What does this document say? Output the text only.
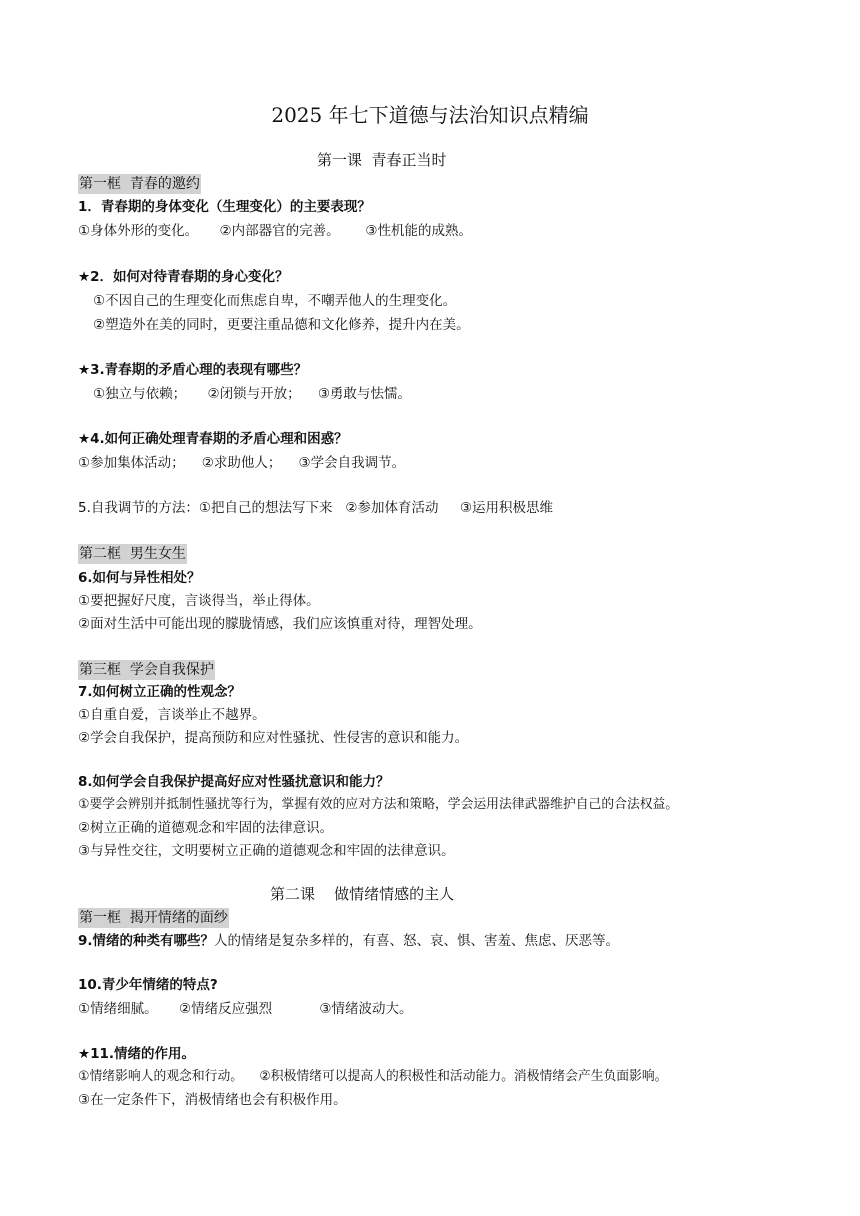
2025 年七下道德与法治知识点精编
第一课  青春正当时
第一框  青春的邀约
1．青春期的身体变化（生理变化）的主要表现？
①身体外形的变化。     ②内部器官的完善。      ③性机能的成熟。
★2．如何对待青春期的身心变化？
①不因自己的生理变化而焦虑自卑，不嘲弄他人的生理变化。
②塑造外在美的同时，更要注重品德和文化修养，提升内在美。
★3.青春期的矛盾心理的表现有哪些？
①独立与依赖；     ②闭锁与开放；    ③勇敢与怯懦。
★4.如何正确处理青春期的矛盾心理和困惑？
①参加集体活动；    ②求助他人；    ③学会自我调节。
5.自我调节的方法：①把自己的想法写下来   ②参加体育活动     ③运用积极思维
第二框  男生女生
6.如何与异性相处？
①要把握好尺度，言谈得当，举止得体。
②面对生活中可能出现的朦胧情感，我们应该慎重对待，理智处理。
第三框  学会自我保护
7.如何树立正确的性观念？
①自重自爱，言谈举止不越界。
②学会自我保护，提高预防和应对性骚扰、性侵害的意识和能力。
8.如何学会自我保护提高好应对性骚扰意识和能力？
①要学会辨别并抵制性骚扰等行为，掌握有效的应对方法和策略，学会运用法律武器维护自己的合法权益。
②树立正确的道德观念和牢固的法律意识。
③与异性交往，文明要树立正确的道德观念和牢固的法律意识。
第二课    做情绪情感的主人
第一框  揭开情绪的面纱
9.情绪的种类有哪些？人的情绪是复杂多样的，有喜、怒、哀、惧、害羞、焦虑、厌恶等。
10.青少年情绪的特点?
①情绪细腻。     ②情绪反应强烈           ③情绪波动大。
★11.情绪的作用。
①情绪影响人的观念和行动。    ②积极情绪可以提高人的积极性和活动能力。消极情绪会产生负面影响。
③在一定条件下，消极情绪也会有积极作用。
